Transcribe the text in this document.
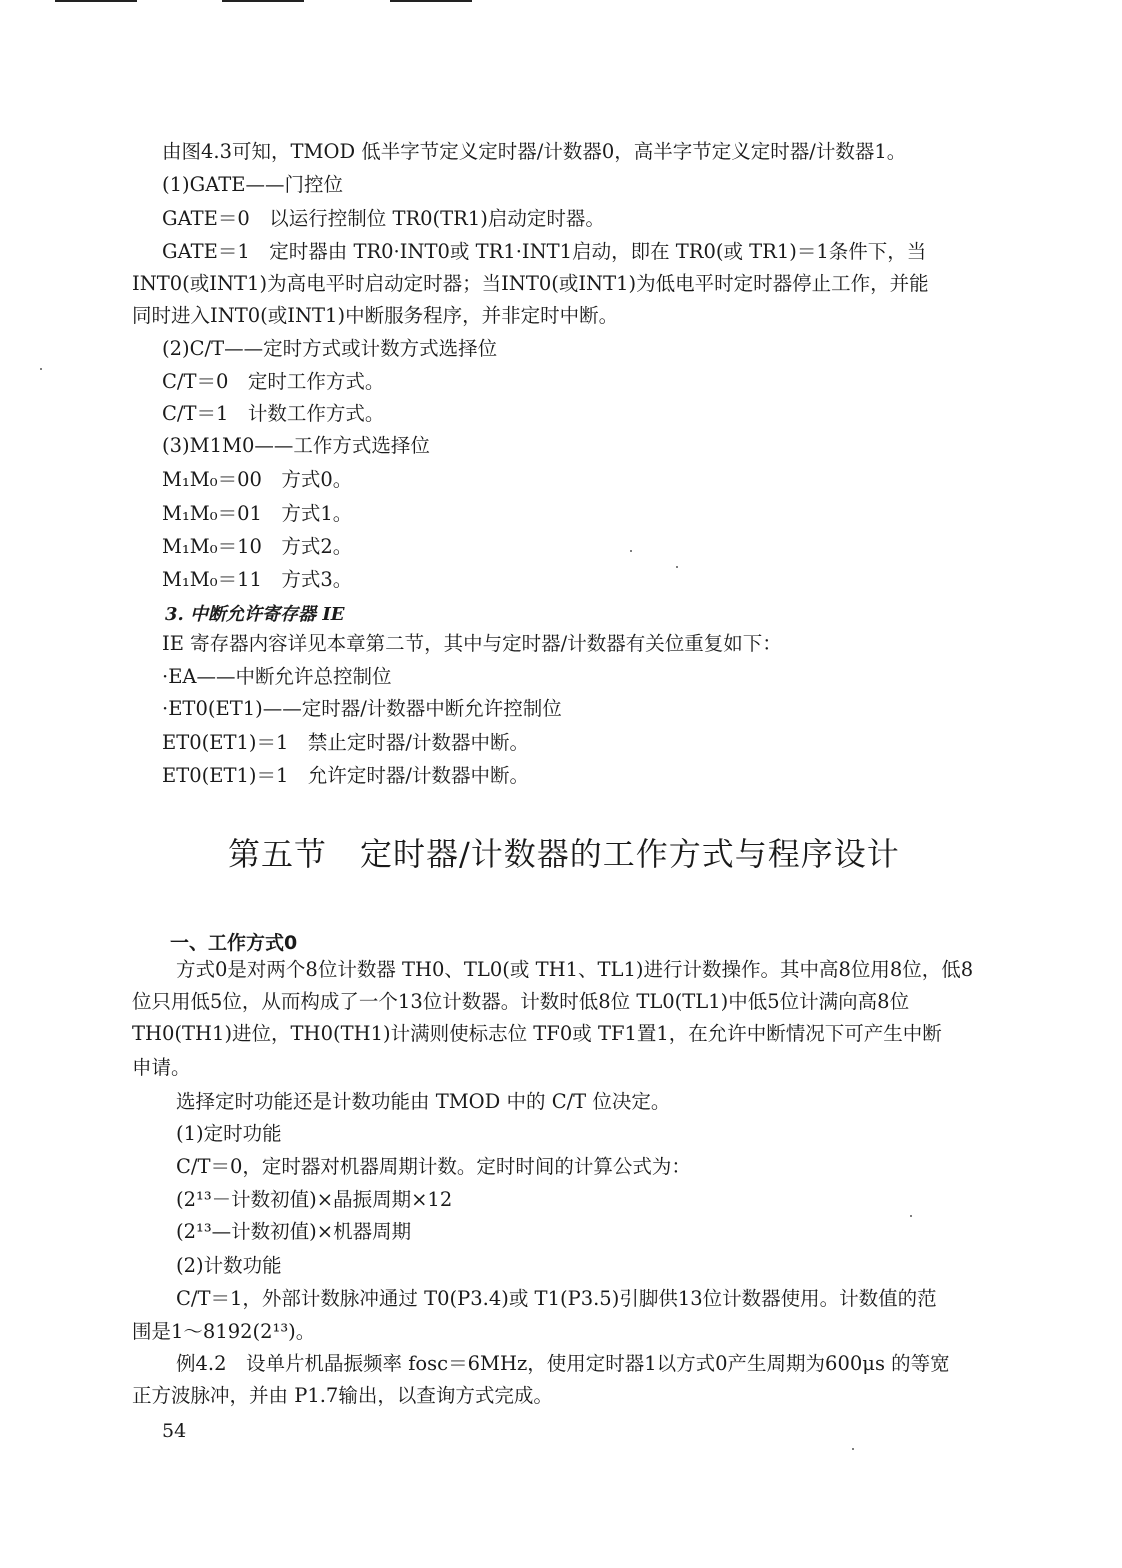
由图4.3可知，TMOD 低半字节定义定时器/计数器0，高半字节定义定时器/计数器1。
(1)GATE——门控位
GATE＝0　以运行控制位 TR0(TR1)启动定时器。
GATE＝1　定时器由 TR0·INT0或 TR1·INT1启动，即在 TR0(或 TR1)＝1条件下，当
INT0(或INT1)为高电平时启动定时器；当INT0(或INT1)为低电平时定时器停止工作，并能
同时进入INT0(或INT1)中断服务程序，并非定时中断。
(2)C/T——定时方式或计数方式选择位
C/T＝0　定时工作方式。
C/T＝1　计数工作方式。
(3)M1M0——工作方式选择位
M₁M₀＝00　方式0。
M₁M₀＝01　方式1。
M₁M₀＝10　方式2。
M₁M₀＝11　方式3。
3. 中断允许寄存器 IE
IE 寄存器内容详见本章第二节，其中与定时器/计数器有关位重复如下：
·EA——中断允许总控制位
·ET0(ET1)——定时器/计数器中断允许控制位
ET0(ET1)＝1　禁止定时器/计数器中断。
ET0(ET1)＝1　允许定时器/计数器中断。
第五节　定时器/计数器的工作方式与程序设计
一、工作方式0
方式0是对两个8位计数器 TH0、TL0(或 TH1、TL1)进行计数操作。其中高8位用8位，低8
位只用低5位，从而构成了一个13位计数器。计数时低8位 TL0(TL1)中低5位计满向高8位
TH0(TH1)进位，TH0(TH1)计满则使标志位 TF0或 TF1置1，在允许中断情况下可产生中断
申请。
选择定时功能还是计数功能由 TMOD 中的 C/T 位决定。
(1)定时功能
C/T＝0，定时器对机器周期计数。定时时间的计算公式为：
(2¹³－计数初值)×晶振周期×12
(2¹³—计数初值)×机器周期
(2)计数功能
C/T＝1，外部计数脉冲通过 T0(P3.4)或 T1(P3.5)引脚供13位计数器使用。计数值的范
围是1～8192(2¹³)。
例4.2　设单片机晶振频率 fosc＝6MHz，使用定时器1以方式0产生周期为600μs 的等宽
正方波脉冲，并由 P1.7输出，以查询方式完成。
54
